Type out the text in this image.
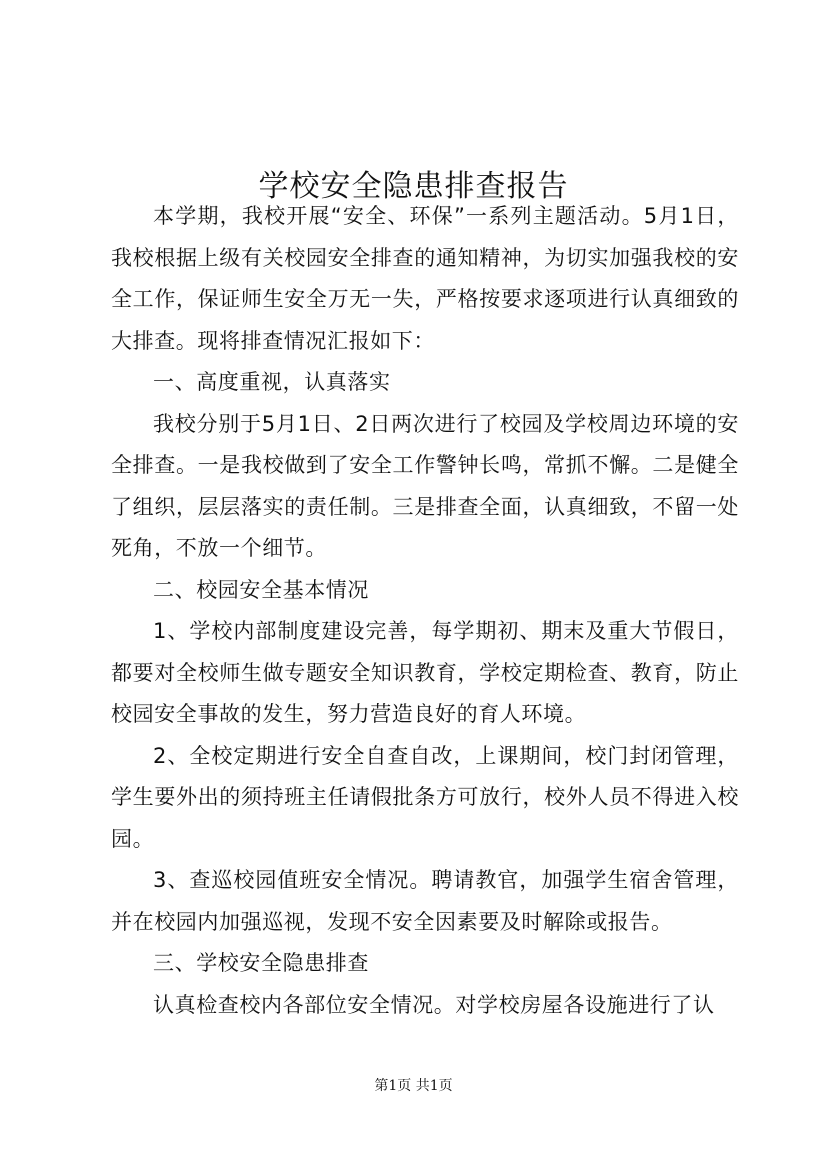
学校安全隐患排查报告

本学期，我校开展“安全、环保”一系列主题活动。5月1日，我校根据上级有关校园安全排查的通知精神，为切实加强我校的安全工作，保证师生安全万无一失，严格按要求逐项进行认真细致的大排查。现将排查情况汇报如下：

一、高度重视，认真落实

我校分别于5月1日、2日两次进行了校园及学校周边环境的安全排查。一是我校做到了安全工作警钟长鸣，常抓不懈。二是健全了组织，层层落实的责任制。三是排查全面，认真细致，不留一处死角，不放一个细节。

二、校园安全基本情况

1、学校内部制度建设完善，每学期初、期末及重大节假日，都要对全校师生做专题安全知识教育，学校定期检查、教育，防止校园安全事故的发生，努力营造良好的育人环境。

2、全校定期进行安全自查自改，上课期间，校门封闭管理，学生要外出的须持班主任请假批条方可放行，校外人员不得进入校园。

3、查巡校园值班安全情况。聘请教官，加强学生宿舍管理，并在校园内加强巡视，发现不安全因素要及时解除或报告。

三、学校安全隐患排查

认真检查校内各部位安全情况。对学校房屋各设施进行了认

第1页 共1页
